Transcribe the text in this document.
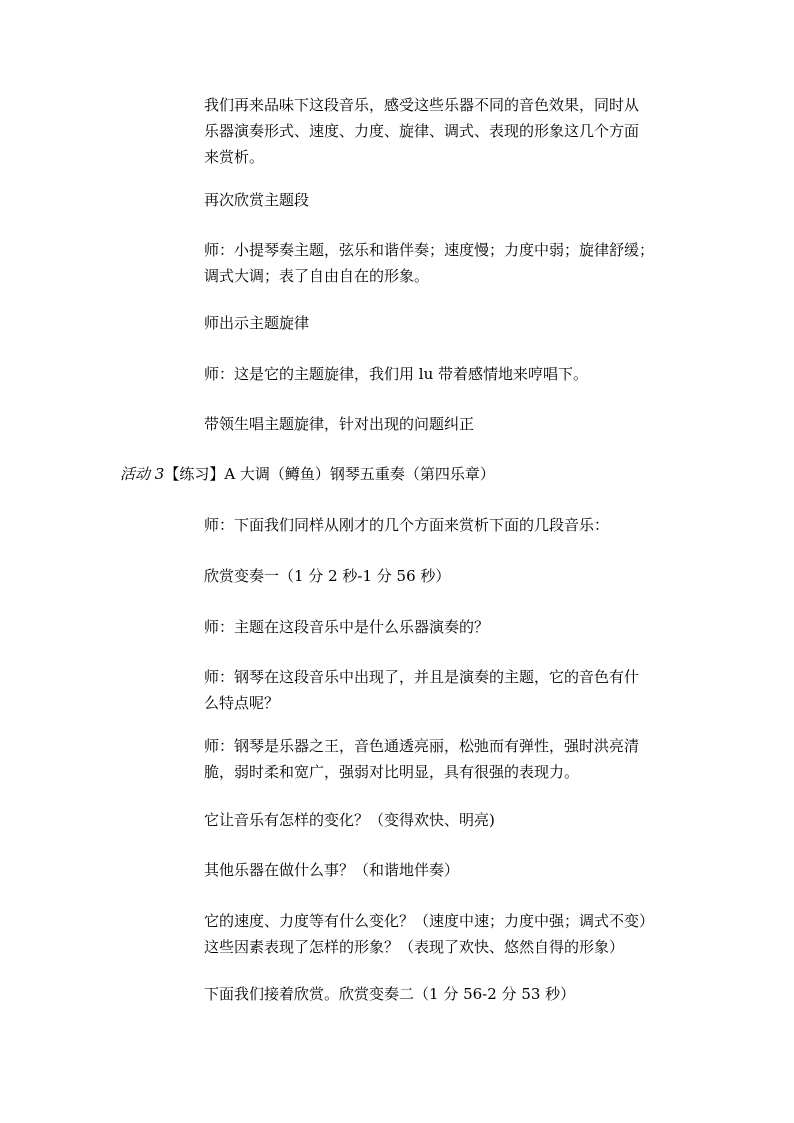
我们再来品味下这段音乐，感受这些乐器不同的音色效果，同时从
乐器演奏形式、速度、力度、旋律、调式、表现的形象这几个方面
来赏析。
再次欣赏主题段
师：小提琴奏主题，弦乐和谐伴奏；速度慢；力度中弱；旋律舒缓；
调式大调；表了自由自在的形象。
师出示主题旋律
师：这是它的主题旋律，我们用 lu 带着感情地来哼唱下。
带领生唱主题旋律，针对出现的问题纠正
活动 3【练习】A 大调（鳟鱼）钢琴五重奏（第四乐章）
师：下面我们同样从刚才的几个方面来赏析下面的几段音乐：
欣赏变奏一（1 分 2 秒-1 分 56 秒）
师：主题在这段音乐中是什么乐器演奏的？
师：钢琴在这段音乐中出现了，并且是演奏的主题，它的音色有什
么特点呢？
师：钢琴是乐器之王，音色通透亮丽，松弛而有弹性，强时洪亮清
脆，弱时柔和宽广，强弱对比明显，具有很强的表现力。
它让音乐有怎样的变化？（变得欢快、明亮)
其他乐器在做什么事？（和谐地伴奏）
它的速度、力度等有什么变化？（速度中速；力度中强；调式不变）
这些因素表现了怎样的形象？（表现了欢快、悠然自得的形象）
下面我们接着欣赏。欣赏变奏二（1 分 56-2 分 53 秒）
